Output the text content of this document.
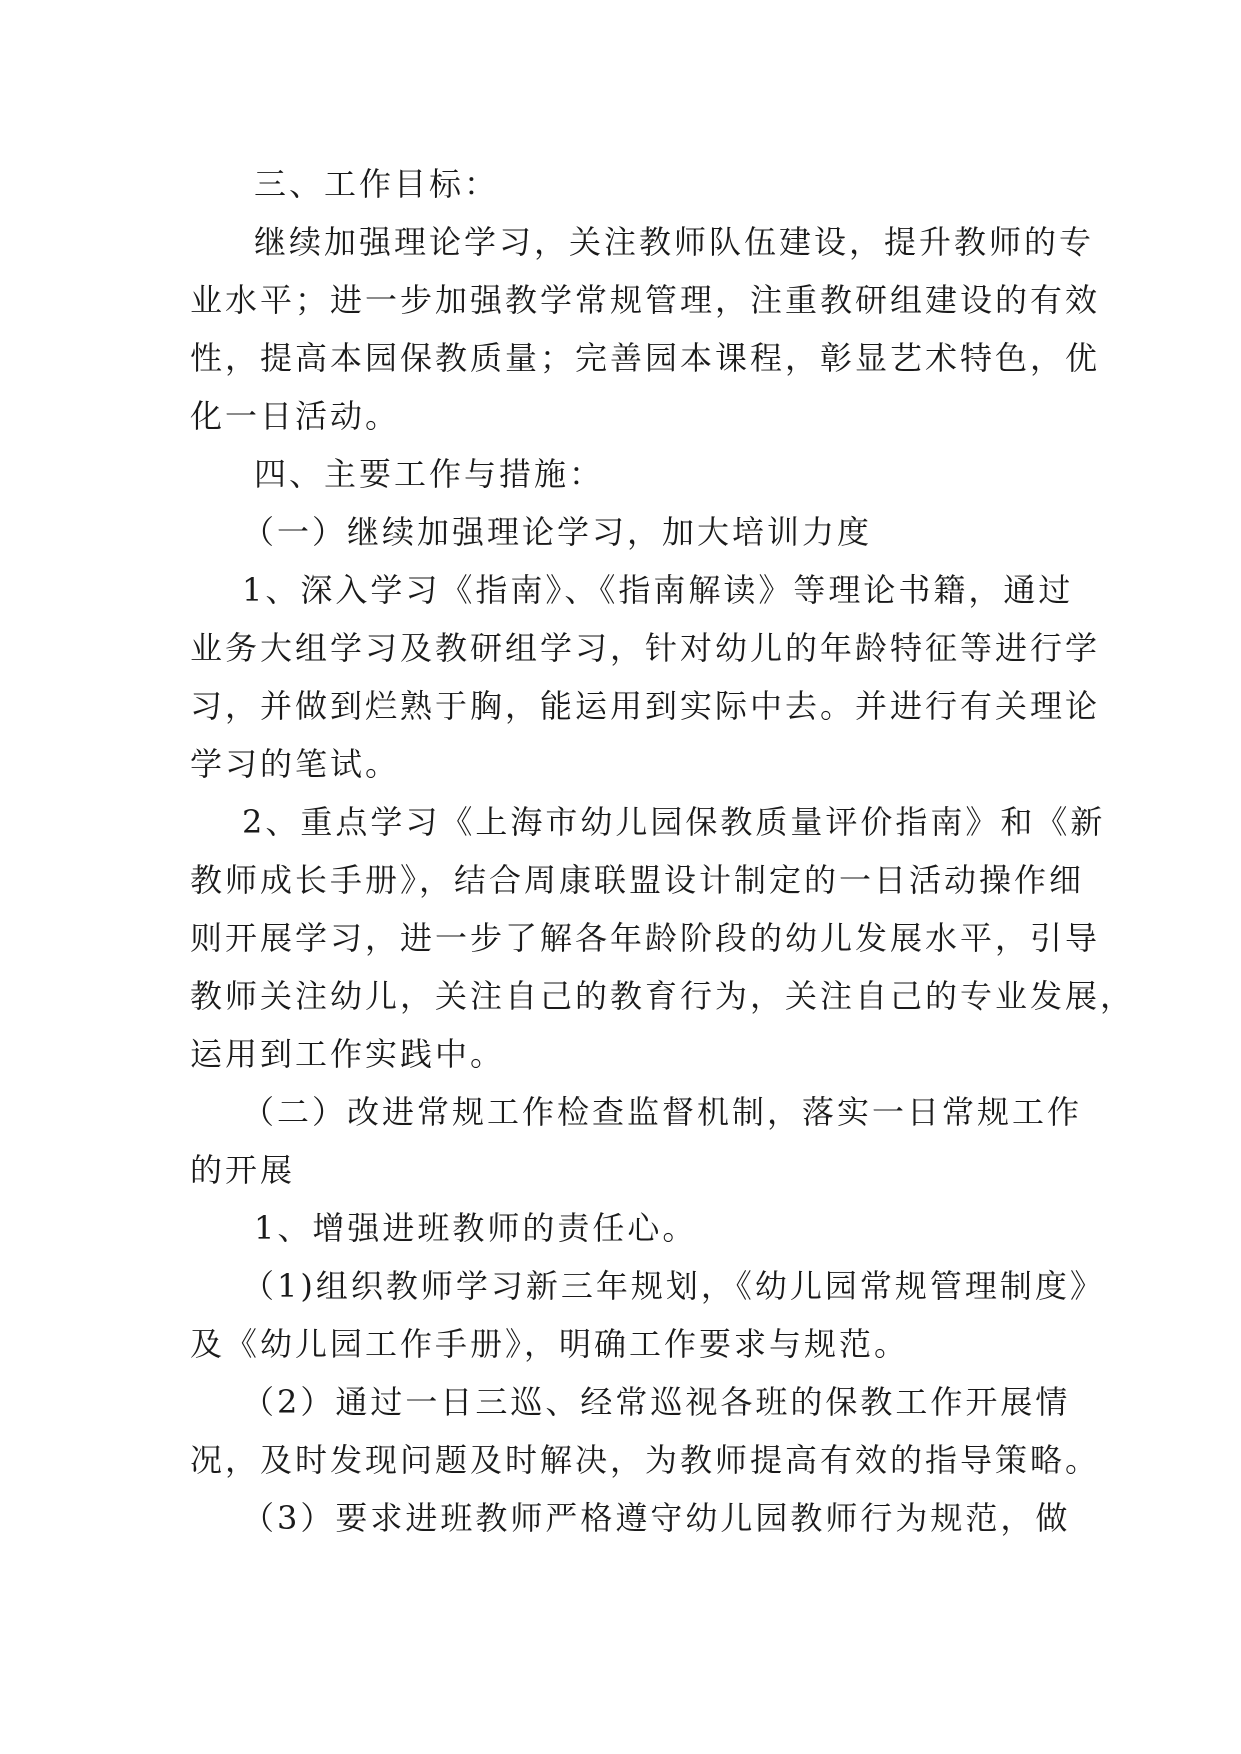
三、工作目标：

继续加强理论学习，关注教师队伍建设，提升教师的专

业水平；进一步加强教学常规管理，注重教研组建设的有效

性，提高本园保教质量；完善园本课程，彰显艺术特色，优

化一日活动。

四、主要工作与措施：

（一）继续加强理论学习，加大培训力度

1、深入学习《指南》、《指南解读》等理论书籍，通过

业务大组学习及教研组学习，针对幼儿的年龄特征等进行学

习，并做到烂熟于胸，能运用到实际中去。并进行有关理论

学习的笔试。

2、重点学习《上海市幼儿园保教质量评价指南》和《新

教师成长手册》，结合周康联盟设计制定的一日活动操作细

则开展学习，进一步了解各年龄阶段的幼儿发展水平，引导

教师关注幼儿，关注自己的教育行为，关注自己的专业发展，

运用到工作实践中。

（二）改进常规工作检查监督机制，落实一日常规工作

的开展

1、增强进班教师的责任心。

（1)组织教师学习新三年规划，《幼儿园常规管理制度》

及《幼儿园工作手册》，明确工作要求与规范。

（2）通过一日三巡、经常巡视各班的保教工作开展情

况，及时发现问题及时解决，为教师提高有效的指导策略。

（3）要求进班教师严格遵守幼儿园教师行为规范，做
